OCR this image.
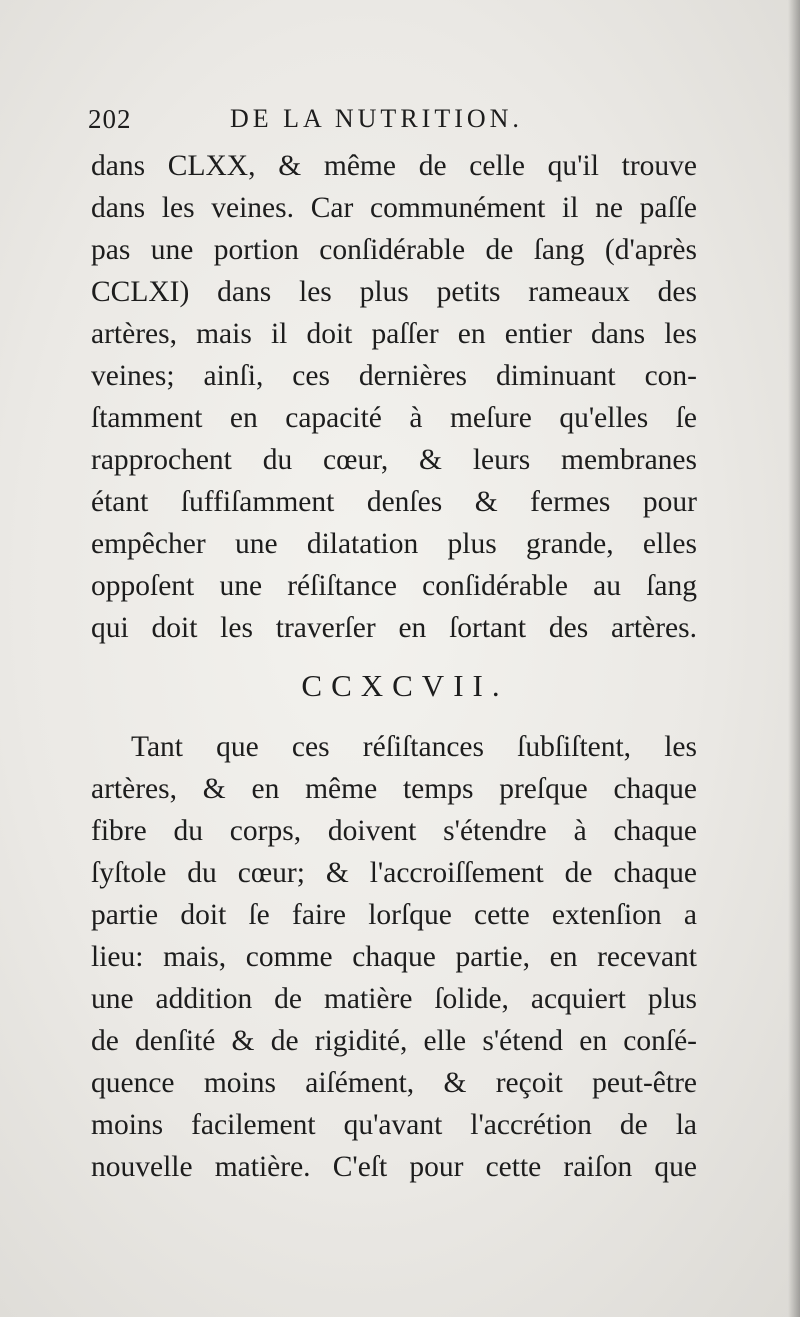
202	DE LA NUTRITION.
dans CLXX, & même de celle qu'il trouve
dans les veines. Car communément il ne paſſe
pas une portion conſidérable de ſang (d'après
CCLXI) dans les plus petits rameaux des
artères, mais il doit paſſer en entier dans les
veines; ainſi, ces dernières diminuant con-
ſtamment en capacité à meſure qu'elles ſe
rapprochent du cœur, & leurs membranes
étant ſuffiſamment denſes & fermes pour
empêcher une dilatation plus grande, elles
oppoſent une réſiſtance conſidérable au ſang
qui doit les traverſer en ſortant des artères.
CCXCVII.
Tant que ces réſiſtances ſubſiſtent, les
artères, & en même temps preſque chaque
fibre du corps, doivent s'étendre à chaque
ſyſtole du cœur; & l'accroiſſement de chaque
partie doit ſe faire lorſque cette extenſion a
lieu: mais, comme chaque partie, en recevant
une addition de matière ſolide, acquiert plus
de denſité & de rigidité, elle s'étend en conſé-
quence moins aiſément, & reçoit peut-être
moins facilement qu'avant l'accrétion de la
nouvelle matière. C'eſt pour cette raiſon que
